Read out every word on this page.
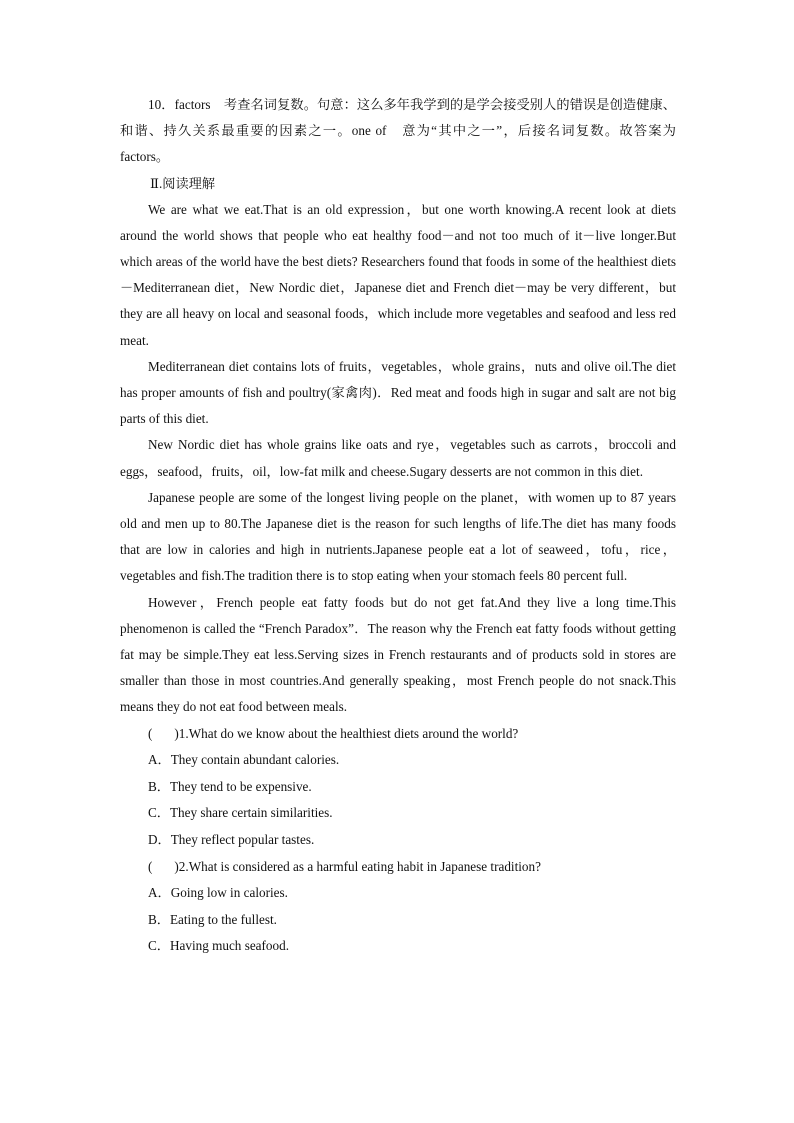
10．factors　考查名词复数。句意：这么多年我学到的是学会接受别人的错误是创造健康、和谐、持久关系最重要的因素之一。one of　意为“其中之一”，后接名词复数。故答案为 factors。

Ⅱ.阅读理解

We are what we eat.That is an old expression，but one worth knowing.A recent look at diets around the world shows that people who eat healthy food－and not too much of it－live longer.But which areas of the world have the best diets? Researchers found that foods in some of the healthiest diets－Mediterranean diet，New Nordic diet，Japanese diet and French diet－may be very different，but they are all heavy on local and seasonal foods，which include more vegetables and seafood and less red meat.

Mediterranean diet contains lots of fruits，vegetables，whole grains，nuts and olive oil.The diet has proper amounts of fish and poultry(家禽肉)．Red meat and foods high in sugar and salt are not big parts of this diet.

New Nordic diet has whole grains like oats and rye，vegetables such as carrots，broccoli and eggs，seafood，fruits，oil，low-fat milk and cheese.Sugary desserts are not common in this diet.

Japanese people are some of the longest living people on the planet，with women up to 87 years old and men up to 80.The Japanese diet is the reason for such lengths of life.The diet has many foods that are low in calories and high in nutrients.Japanese people eat a lot of seaweed，tofu，rice，vegetables and fish.The tradition there is to stop eating when your stomach feels 80 percent full.

However，French people eat fatty foods but do not get fat.And they live a long time.This phenomenon is called the “French Paradox”．The reason why the French eat fatty foods without getting fat may be simple.They eat less.Serving sizes in French restaurants and of products sold in stores are smaller than those in most countries.And generally speaking，most French people do not snack.This means they do not eat food between meals.

( )1.What do we know about the healthiest diets around the world?

A．They contain abundant calories.

B．They tend to be expensive.

C．They share certain similarities.

D．They reflect popular tastes.

( )2.What is considered as a harmful eating habit in Japanese tradition?

A．Going low in calories.

B．Eating to the fullest.

C．Having much seafood.
